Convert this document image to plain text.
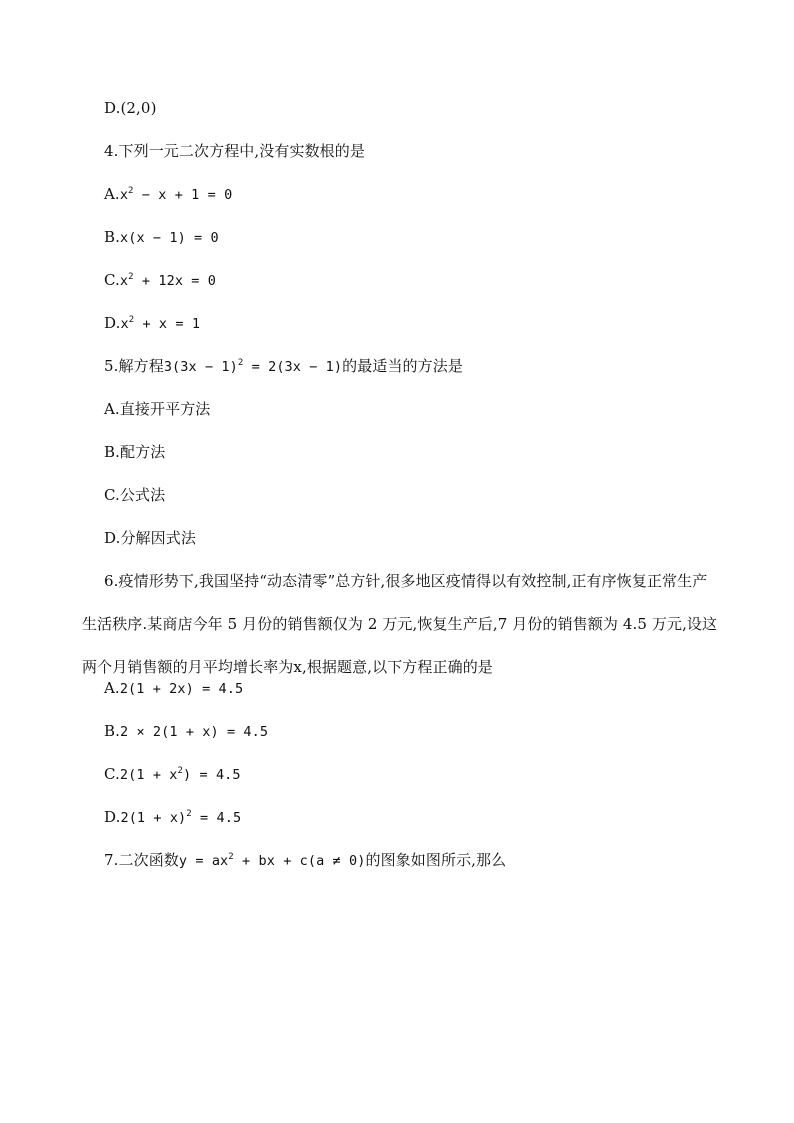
D.(2,0)
4.下列一元二次方程中,没有实数根的是
$A.x^2 - x + 1 = 0$
B.x(x − 1) = 0
$C.x^2 + 12x = 0$
$D.x^2 + x = 1$
5.解方程$3(3x - 1)^2 = 2(3x - 1)$的最适当的方法是
A.直接开平方法
B.配方法
C.公式法
D.分解因式法
6.疫情形势下,我国坚持“动态清零”总方针,很多地区疫情得以有效控制,正有序恢复正常生产生活秩序.某商店今年 5 月份的销售额仅为 2 万元,恢复生产后,7 月份的销售额为 4.5 万元,设这两个月销售额的月平均增长率为x,根据题意,以下方程正确的是
A.2(1 + 2x) = 4.5
B.2 × 2(1 + x) = 4.5
$C.2(1 + x^2) = 4.5$
$D.2(1 + x)^2 = 4.5$
7.二次函数$y = ax^2$ + bx + c(a ≠ 0)的图象如图所示,那么
